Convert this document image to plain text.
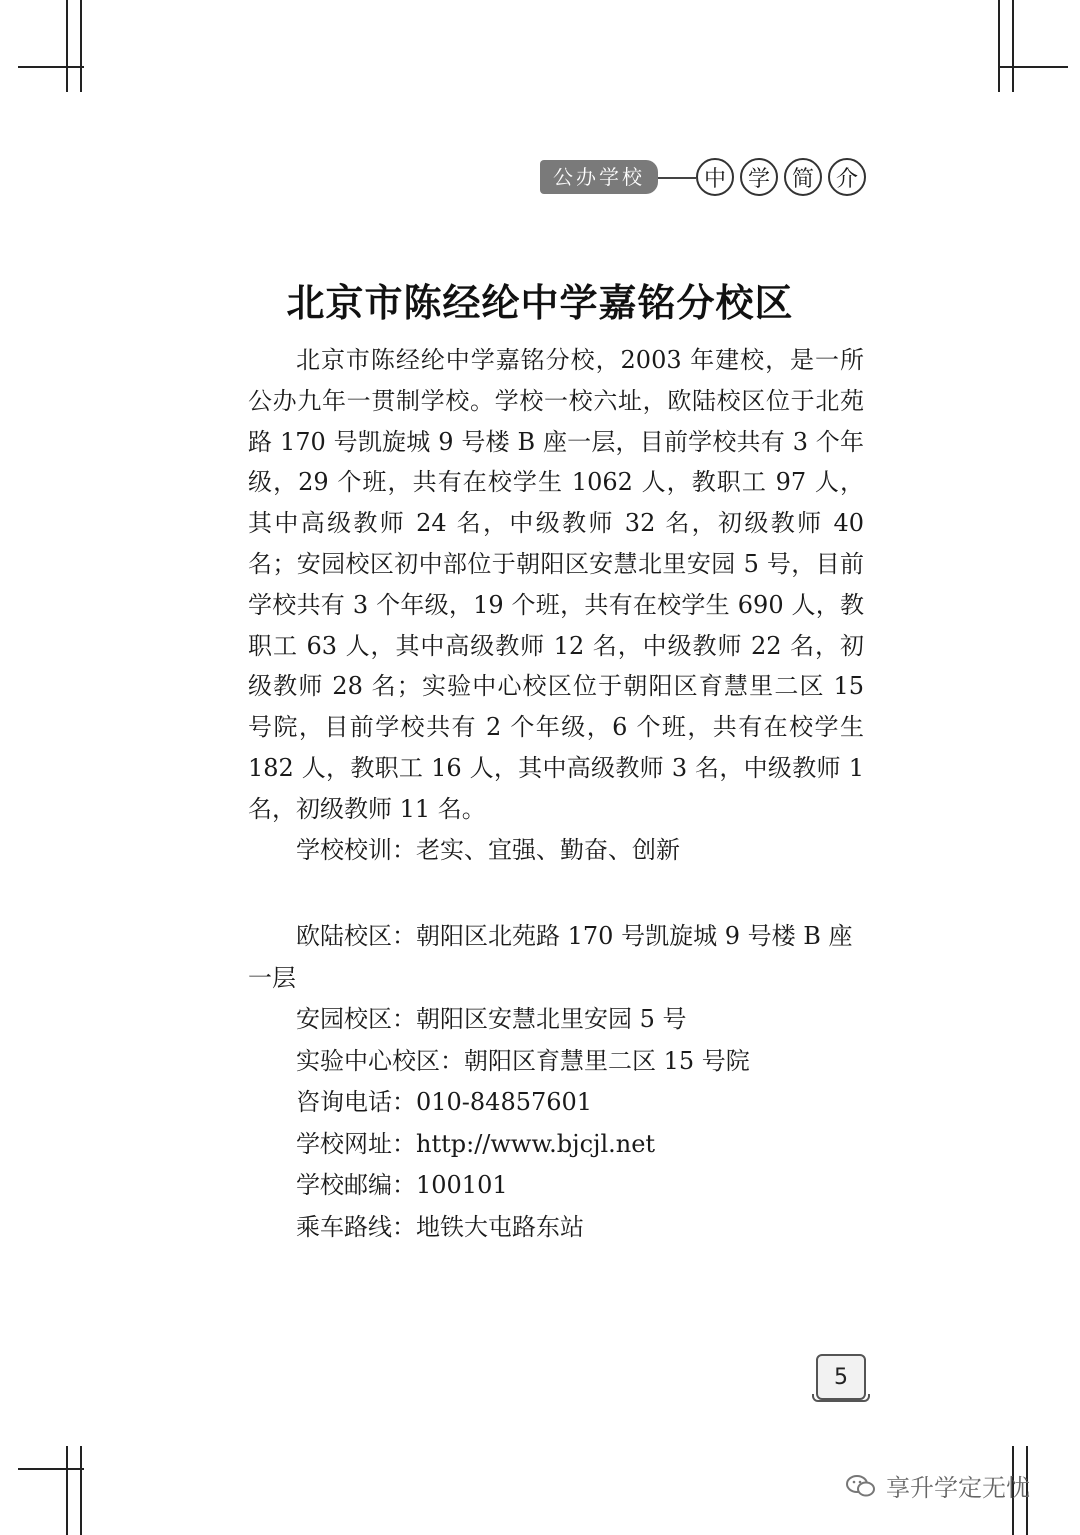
公办学校	中 学 简 介
北京市陈经纶中学嘉铭分校区

北京市陈经纶中学嘉铭分校，2003 年建校，是一所公办九年一贯制学校。学校一校六址，欧陆校区位于北苑路 170 号凯旋城 9 号楼 B 座一层，目前学校共有 3 个年级，29 个班，共有在校学生 1062 人，教职工 97 人，其中高级教师 24 名，中级教师 32 名，初级教师 40 名；安园校区初中部位于朝阳区安慧北里安园 5 号，目前学校共有 3 个年级，19 个班，共有在校学生 690 人，教职工 63 人，其中高级教师 12 名，中级教师 22 名，初级教师 28 名；实验中心校区位于朝阳区育慧里二区 15 号院，目前学校共有 2 个年级，6 个班，共有在校学生 182 人，教职工 16 人，其中高级教师 3 名，中级教师 1 名，初级教师 11 名。

学校校训：老实、宜强、勤奋、创新

欧陆校区：朝阳区北苑路 170 号凯旋城 9 号楼 B 座一层

安园校区：朝阳区安慧北里安园 5 号

实验中心校区：朝阳区育慧里二区 15 号院

咨询电话：010-84857601

学校网址：http://www.bjcjl.net

学校邮编：100101

乘车路线：地铁大屯路东站

5
享升学定无忧
